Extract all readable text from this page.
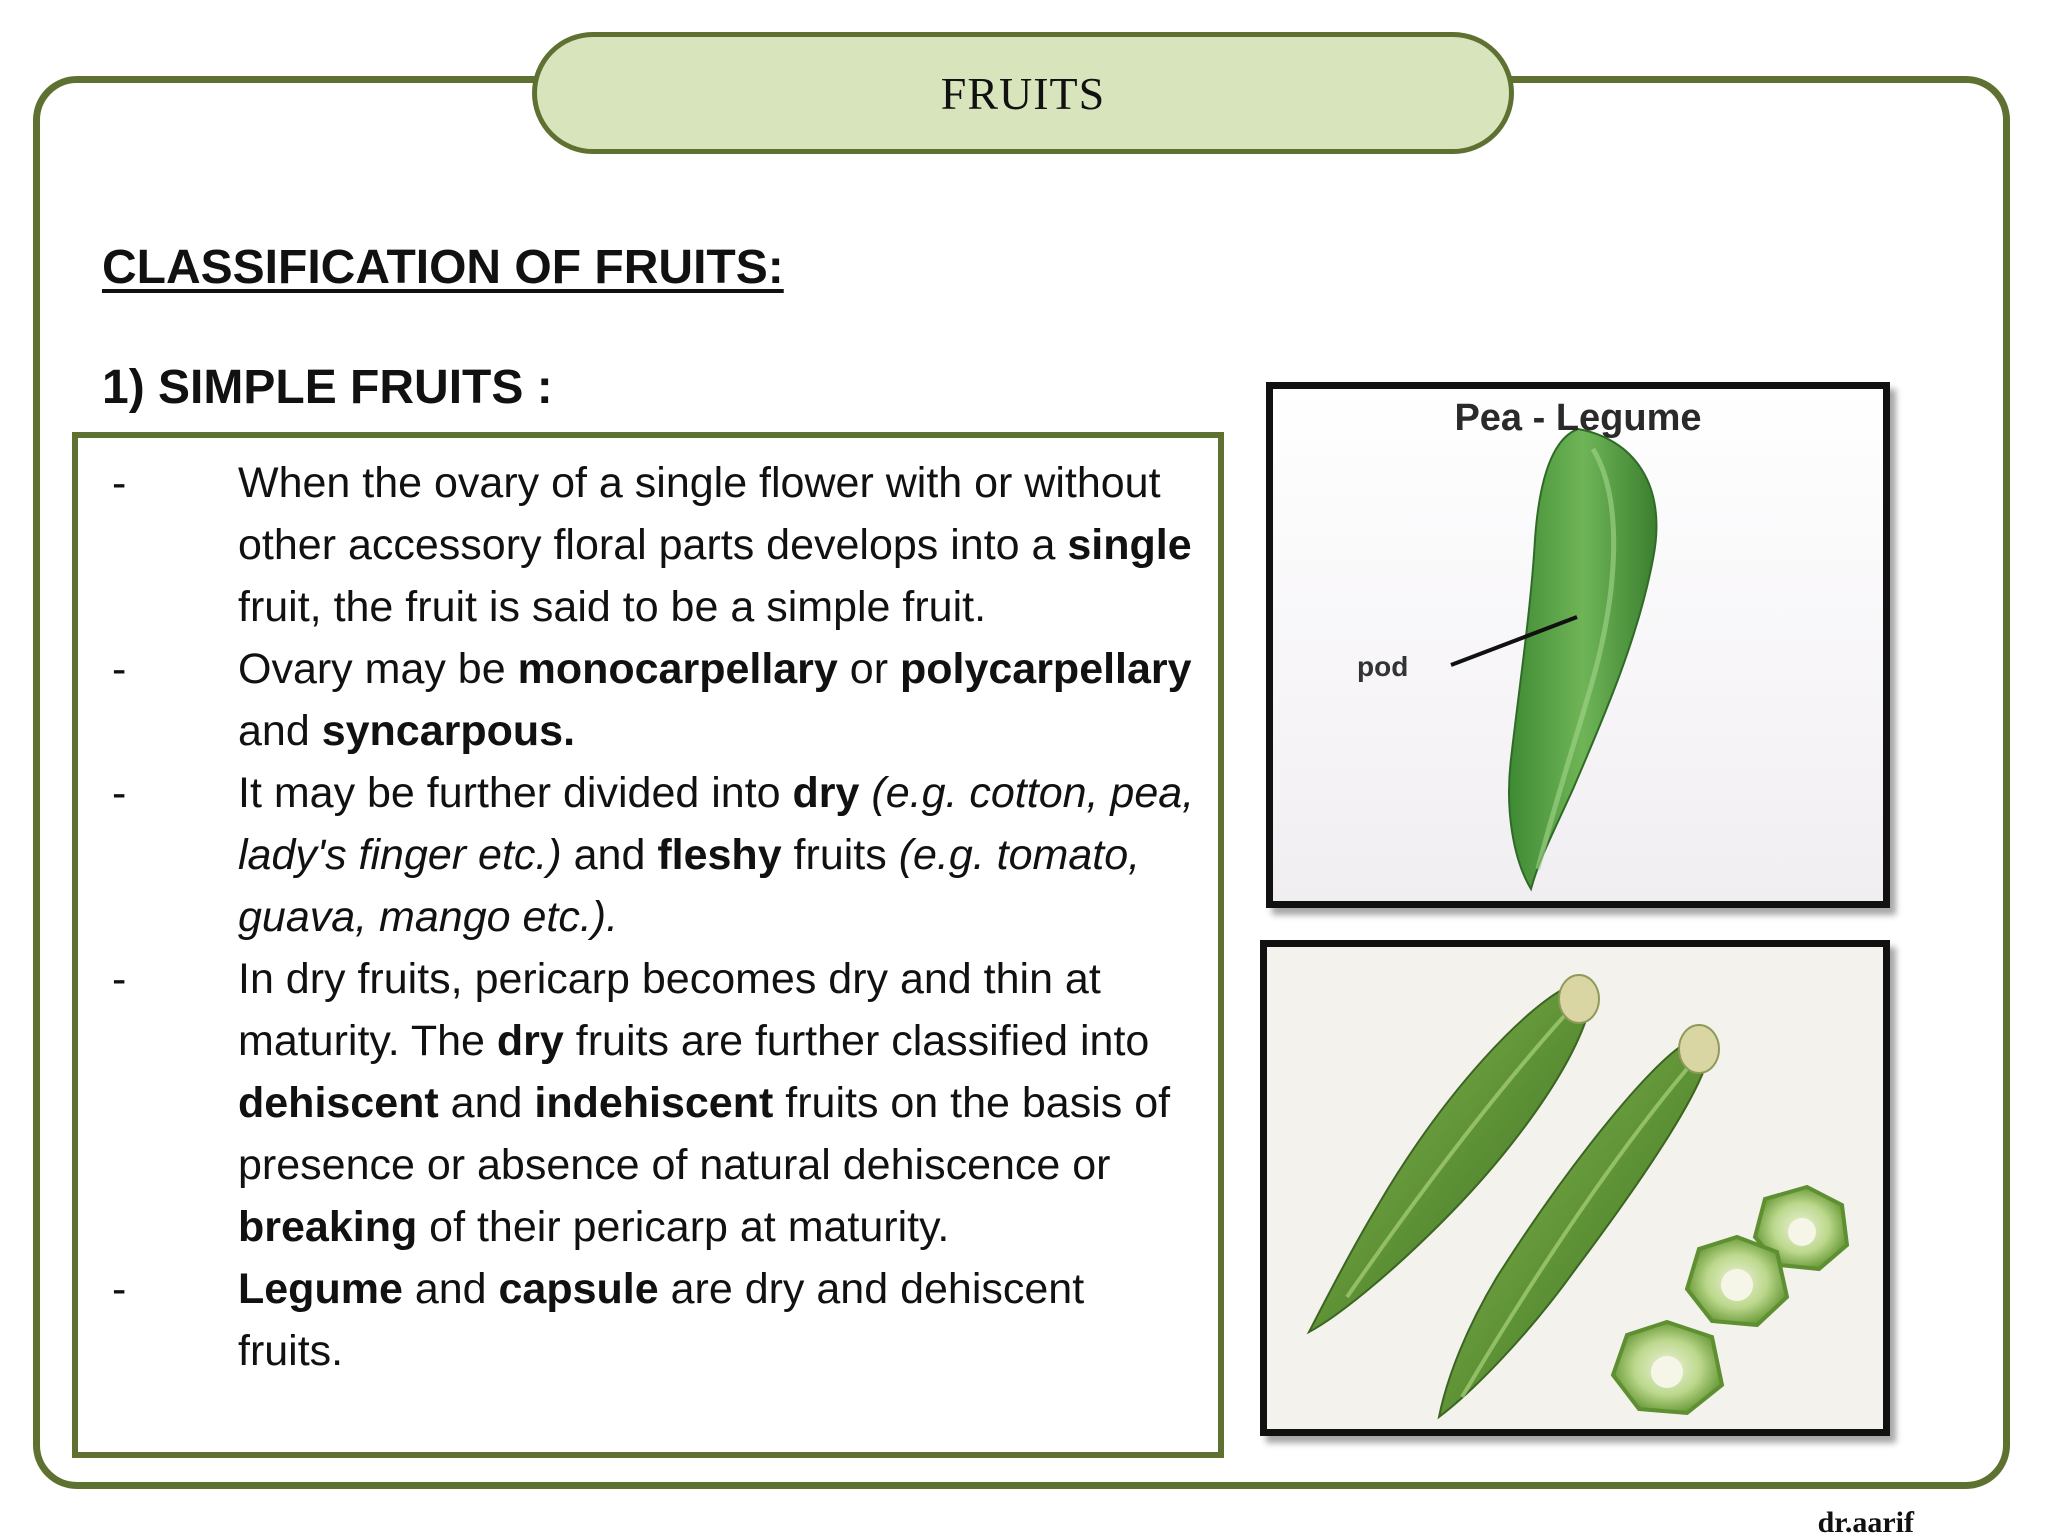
FRUITS
CLASSIFICATION OF FRUITS:
1) SIMPLE FRUITS :
-	When the ovary of a single flower with or without other accessory floral parts develops into a single fruit, the fruit is said to be a simple fruit.
-	Ovary may be monocarpellary or polycarpellary and syncarpous.
-	It may be further divided into dry (e.g. cotton, pea, lady's finger etc.) and fleshy fruits (e.g. tomato, guava, mango etc.).
-	In dry fruits, pericarp becomes dry and thin at maturity. The dry fruits are further classified into dehiscent and indehiscent fruits on the basis of presence or absence of natural dehiscence or breaking of their pericarp at maturity.
-	Legume and capsule are dry and dehiscent fruits.
Pea - Legume
pod
dr.aarif
